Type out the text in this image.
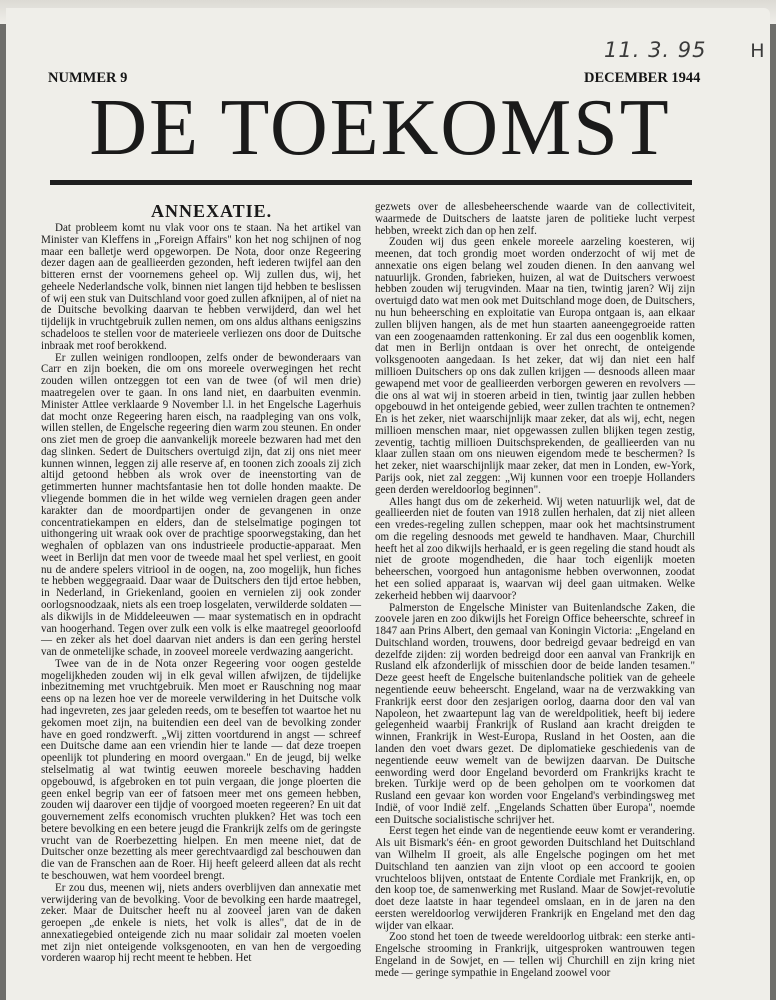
11. 3. 95 H
NUMMER 9	DECEMBER 1944
DE TOEKOMST
ANNEXATIE.

Dat probleem komt nu vlak voor ons te staan. Na het artikel van Minister van Kleffens in „Foreign Affairs" kon het nog schijnen of nog maar een balletje werd opgeworpen. De Nota, door onze Regeering dezer dagen aan de geallieerden gezonden, heft iederen twijfel aan den bitteren ernst der voornemens geheel op. Wij zullen dus, wij, het geheele Nederlandsche volk, binnen niet langen tijd hebben te beslissen of wij een stuk van Duitschland voor goed zullen afknijpen, al of niet na de Duitsche bevolking daarvan te hebben verwijderd, dan wel het tijdelijk in vruchtgebruik zullen nemen, om ons aldus althans eenigszins schadeloos te stellen voor de materieele verliezen ons door de Duitsche inbraak met roof berokkend.

Er zullen weinigen rondloopen, zelfs onder de bewonderaars van Carr en zijn boeken, die om ons moreele overwegingen het recht zouden willen ontzeggen tot een van de twee (of wil men drie) maatregelen over te gaan. In ons land niet, en daarbuiten evenmin. Minister Attlee verklaarde 9 November l.l. in het Engelsche Lagerhuis dat mocht onze Regeering haren eisch, na raadpleging van ons volk, willen stellen, de Engelsche regeering dien warm zou steunen. En onder ons ziet men de groep die aanvankelijk moreele bezwaren had met den dag slinken. Sedert de Duitschers overtuigd zijn, dat zij ons niet meer kunnen winnen, leggen zij alle reserve af, en toonen zich zooals zij zich altijd getoond hebben als wrok over de ineenstorting van de getimmerten hunner machtsfantasie hen tot dolle honden maakte. De vliegende bommen die in het wilde weg vernielen dragen geen ander karakter dan de moordpartijen onder de gevangenen in onze concentratiekampen en elders, dan de stelselmatige pogingen tot uithongering uit wraak ook over de prachtige spoorwegstaking, dan het weghalen of opblazen van ons industrieele productie-apparaat. Men weet in Berlijn dat men voor de tweede maal het spel verliest, en gooit nu de andere spelers vitriool in de oogen, na, zoo mogelijk, hun fiches te hebben weggegraaid. Daar waar de Duitschers den tijd ertoe hebben, in Nederland, in Griekenland, gooien en vernielen zij ook zonder oorlogsnoodzaak, niets als een troep losgelaten, verwilderde soldaten — als dikwijls in de Middeleeuwen — maar systematisch en in opdracht van hoogerhand. Tegen over zulk een volk is elke maatregel geoorloofd — en zeker als het doel daarvan niet anders is dan een gering herstel van de onmetelijke schade, in zooveel moreele verdwazing aangericht.

Twee van de in de Nota onzer Regeering voor oogen gestelde mogelijkheden zouden wij in elk geval willen afwijzen, de tijdelijke inbezitneming met vruchtgebruik. Men moet er Rauschning nog maar eens op na lezen hoe ver de moreele verwildering in het Duitsche volk had ingevreten, zes jaar geleden reeds, om te beseffen tot waartoe het nu gekomen moet zijn, na buitendien een deel van de bevolking zonder have en goed rondzwerft. „Wij zitten voortdurend in angst — schreef een Duitsche dame aan een vriendin hier te lande — dat deze troepen opeenlijk tot plundering en moord overgaan." En de jeugd, bij welke stelselmatig al wat twintig eeuwen moreele beschaving hadden opgebouwd, is afgebroken en tot puin vergaan, die jonge ploerten die geen enkel begrip van eer of fatsoen meer met ons gemeen hebben, zouden wij daarover een tijdje of voorgoed moeten regeeren? En uit dat gouvernement zelfs economisch vruchten plukken? Het was toch een betere bevolking en een betere jeugd die Frankrijk zelfs om de geringste vrucht van de Roerbezetting hielpen. En men meene niet, dat de Duitscher onze bezetting als meer gerechtvaardigd zal beschouwen dan die van de Franschen aan de Roer. Hij heeft geleerd alleen dat als recht te beschouwen, wat hem voordeel brengt.

Er zou dus, meenen wij, niets anders overblijven dan annexatie met verwijdering van de bevolking. Voor de bevolking een harde maatregel, zeker. Maar de Duitscher heeft nu al zooveel jaren van de daken geroepen „de enkele is niets, het volk is alles", dat de in de annexatiegebied onteigende zich nu maar solidair zal moeten voelen met zijn niet onteigende volksgenooten, en van hen de vergoeding vorderen waarop hij recht meent te hebben. Het

gezwets over de allesbeheerschende waarde van de collectiviteit, waarmede de Duitschers de laatste jaren de politieke lucht verpest hebben, wreekt zich dan op hen zelf.

Zouden wij dus geen enkele moreele aarzeling koesteren, wij meenen, dat toch grondig moet worden onderzocht of wij met de annexatie ons eigen belang wel zouden dienen. In den aanvang wel natuurlijk. Gronden, fabrieken, huizen, al wat de Duitschers verwoest hebben zouden wij terugvinden. Maar na tien, twintig jaren? Wij zijn overtuigd dato wat men ook met Duitschland moge doen, de Duitschers, nu hun beheersching en exploitatie van Europa ontgaan is, aan elkaar zullen blijven hangen, als de met hun staarten aaneengegroeide ratten van een zoogenaamden rattenkoning. Er zal dus een oogenblik komen, dat men in Berlijn ontdaan is over het onrecht, de onteigende volksgenooten aangedaan. Is het zeker, dat wij dan niet een half millioen Duitschers op ons dak zullen krijgen — desnoods alleen maar gewapend met voor de geallieerden verborgen geweren en revolvers — die ons al wat wij in stoeren arbeid in tien, twintig jaar zullen hebben opgebouwd in het onteigende gebied, weer zullen trachten te ontnemen? En is het zeker, niet waarschijnlijk maar zeker, dat als wij, echt, negen millioen menschen maar, niet opgewassen zullen blijken tegen zestig, zeventig, tachtig millioen Duitschsprekenden, de geallieerden van nu klaar zullen staan om ons nieuwen eigendom mede te beschermen? Is het zeker, niet waarschijnlijk maar zeker, dat men in Londen, ew-York, Parijs ook, niet zal zeggen: „Wij kunnen voor een troepje Hollanders geen derden wereldoorlog beginnen".

Alles hangt dus om de zekerheid. Wij weten natuurlijk wel, dat de geallieerden niet de fouten van 1918 zullen herhalen, dat zij niet alleen een vredes-regeling zullen scheppen, maar ook het machtsinstrument om die regeling desnoods met geweld te handhaven. Maar, Churchill heeft het al zoo dikwijls herhaald, er is geen regeling die stand houdt als niet de groote mogendheden, die haar toch eigenlijk moeten beheerschen, voorgoed hun antagonisme hebben overwonnen, zoodat het een solied apparaat is, waarvan wij deel gaan uitmaken. Welke zekerheid hebben wij daarvoor?

Palmerston de Engelsche Minister van Buitenlandsche Zaken, die zoovele jaren en zoo dikwijls het Foreign Office beheerschte, schreef in 1847 aan Prins Albert, den gemaal van Koningin Victoria: „Engeland en Duitschland worden, trouwens, door bedreigd gevaar bedreigd en van dezelfde zijden: zij worden bedreigd door een aanval van Frankrijk en Rusland elk afzonderlijk of misschien door de beide landen tesamen." Deze geest heeft de Engelsche buitenlandsche politiek van de geheele negentiende eeuw beheerscht. Engeland, waar na de verzwakking van Frankrijk eerst door den zesjarigen oorlog, daarna door den val van Napoleon, het zwaartepunt lag van de wereldpolitiek, heeft bij iedere gelegenheid waarbij Frankrijk of Rusland aan kracht dreigden te winnen, Frankrijk in West-Europa, Rusland in het Oosten, aan die landen den voet dwars gezet. De diplomatieke geschiedenis van de negentiende eeuw wemelt van de bewijzen daarvan. De Duitsche eenwording werd door Engeland bevorderd om Frankrijks kracht te breken. Turkije werd op de been geholpen om te voorkomen dat Rusland een gevaar kon worden voor Engeland's verbindingsweg met Indië, of voor Indië zelf. „Engelands Schatten über Europa", noemde een Duitsche socialistische schrijver het.

Eerst tegen het einde van de negentiende eeuw komt er verandering. Als uit Bismark's één- en groot geworden Duitschland het Duitschland van Wilhelm II groeit, als alle Engelsche pogingen om het met Duitschland ten aanzien van zijn vloot op een accoord te gooien vruchteloos blijven, ontstaat de Entente Cordiale met Frankrijk, en, op den koop toe, de samenwerking met Rusland. Maar de Sowjet-revolutie doet deze laatste in haar tegendeel omslaan, en in de jaren na den eersten wereldoorlog verwijderen Frankrijk en Engeland met den dag wijder van elkaar.

Zoo stond het toen de tweede wereldoorlog uitbrak: een sterke anti-Engelsche strooming in Frankrijk, uitgesproken wantrouwen tegen Engeland in de Sowjet, en — tellen wij Churchill en zijn kring niet mede — geringe sympathie in Engeland zoowel voor
